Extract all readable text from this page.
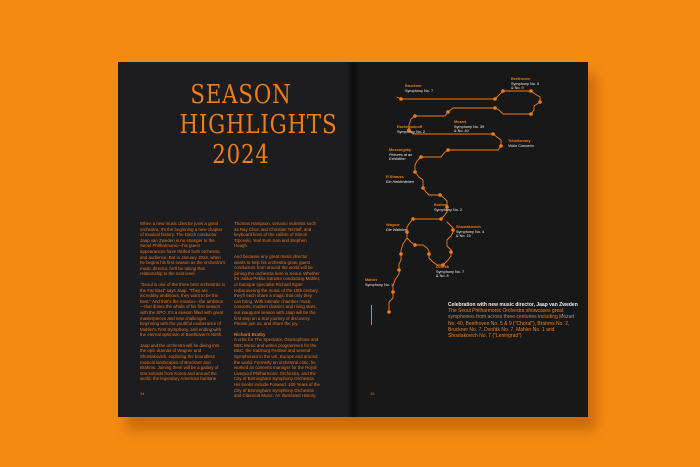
SEASON
HIGHLIGHTS
2024

When a new music director joins a great orchestra, it's the beginning a new chapter of musical history. The Dutch conductor Jaap van Zweden is no stranger to the Seoul Philharmonic—his guest appearances have thrilled both orchestra and audience. But in January 2024, when he begins his first season as the orchestra's music director, he'll be taking that relationship to the next level.

"Seoul is one of the three best orchestras in the Far East" says Jaap. "They are incredibly ambitious, they want to be the best." And that's the mission—the ambition—that drives the whole of his first season with the SPO. It's a season filled with great masterpieces and new challenges beginning with the youthful exuberance of Mahler's First Symphony, and ending with the eternal optimism of Beethoven's Ninth.

Jaap and the orchestra will be diving into the epic dramas of Wagner and Shostakovich, exploring the boundless musical landscapes of Bruckner and Brahms. Joining them will be a galaxy of star soloists from Korea and around the world: the legendary American baritone

Thomas Hampson, virtuoso violinists such as Ray Chen and Christian Tetzlaff, and keyboard lions of the calibre of Simon Trpceski, Yeol Eum Son and Stephen Hough.

And because any great music director wants to help his orchestra grow, guest conductors from around the world will be joining the orchestra here in Seoul. Whether it's Jukka-Pekka Saraste conducting Mahler, or baroque specialist Richard Egarr rediscovering the music of the 18th century, they'll each share a magic that only they can bring. With intimate chamber music concerts, modern classics and rising stars, our inaugural season with Jaap will be the first step on a true journey of discovery. Please join us, and share the joy.

Richard Bratby

A critic for The Spectator, Gramophone and BBC Music and writes programmes for the BBC, the Salzburg Festival and several Symphonies in the UK, Europe and around the world. Formerly an orchestral critic, he worked as concerts manager for the Royal Liverpool Philharmonic Orchestra, and the City of Birmingham Symphony Orchestra. His books include Forward: 100 Years of the City of Birmingham Symphony Orchestra and Classical Music: An Illustrated History.

14
Bruckner
Symphony No. 7
Beethoven
Symphony No. 5
& No. 9
Mozart
Symphony No. 39
& No. 40
Rachmaninoff
Symphony No. 2
Tchaikovsky
Violin Concerto
Mussorgsky
Pictures at an
Exhibition
R.Strauss
Ein Heldenleben
Brahms
Symphony No. 2
Wagner
Die Walküre
Shostakovich
Symphony No. 4
& No. 15
Dvořák
Symphony No. 7
& No. 8
Mahler
Symphony No. 1
Celebration with new music director, Jaap van Zweden
The Seoul Philharmonic Orchestra showcases great symphonies from across three centuries including Mozart No. 40, Beethoven No. 5 & 9 ("Choral"), Brahms No. 2, Bruckner No. 7, Dvořák No. 7, Mahler No. 1 and Shostakovich No. 7 ("Leningrad")
15
